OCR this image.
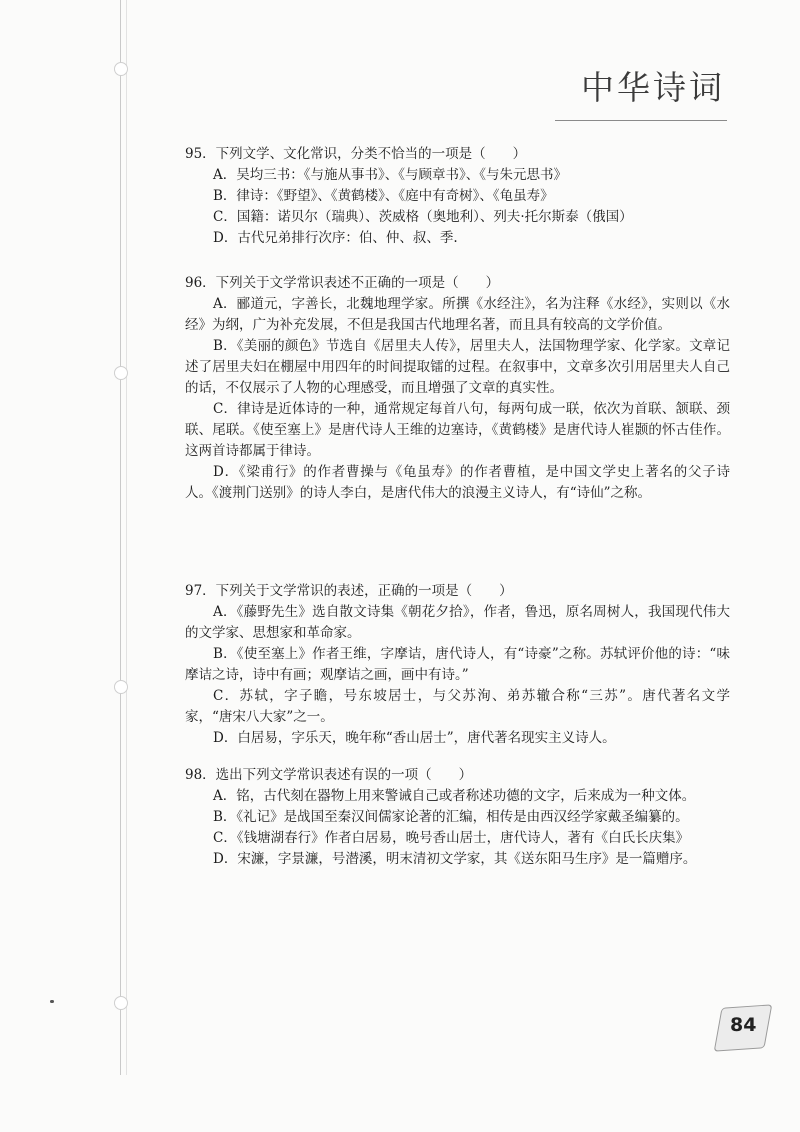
中华诗词

95．下列文学、文化常识，分类不恰当的一项是（　　）

A．吴均三书：《与施从事书》、《与顾章书》、《与朱元思书》

B．律诗：《野望》、《黄鹤楼》、《庭中有奇树》、《龟虽寿》

C．国籍：诺贝尔（瑞典）、茨威格（奥地利）、列夫·托尔斯泰（俄国）

D．古代兄弟排行次序：伯、仲、叔、季.

96．下列关于文学常识表述不正确的一项是（　　）

A．郦道元，字善长，北魏地理学家。所撰《水经注》，名为注释《水经》，实则以《水经》为纲，广为补充发展，不但是我国古代地理名著，而且具有较高的文学价值。

B．《美丽的颜色》节选自《居里夫人传》，居里夫人，法国物理学家、化学家。文章记述了居里夫妇在棚屋中用四年的时间提取镭的过程。在叙事中，文章多次引用居里夫人自己的话，不仅展示了人物的心理感受，而且增强了文章的真实性。

C．律诗是近体诗的一种，通常规定每首八句，每两句成一联，依次为首联、颔联、颈联、尾联。《使至塞上》是唐代诗人王维的边塞诗，《黄鹤楼》是唐代诗人崔颢的怀古佳作。这两首诗都属于律诗。

D．《梁甫行》的作者曹操与《龟虽寿》的作者曹植，是中国文学史上著名的父子诗人。《渡荆门送别》的诗人李白，是唐代伟大的浪漫主义诗人，有“诗仙”之称。

97．下列关于文学常识的表述，正确的一项是（　　）

A．《藤野先生》选自散文诗集《朝花夕拾》，作者，鲁迅，原名周树人，我国现代伟大的文学家、思想家和革命家。

B．《使至塞上》作者王维，字摩诘，唐代诗人，有“诗豪”之称。苏轼评价他的诗：“味摩诘之诗，诗中有画；观摩诘之画，画中有诗。”

C．苏轼，字子瞻，号东坡居士，与父苏洵、弟苏辙合称“三苏”。唐代著名文学家，“唐宋八大家”之一。

D．白居易，字乐天，晚年称“香山居士”，唐代著名现实主义诗人。

98．选出下列文学常识表述有误的一项（　　）

A．铭，古代刻在器物上用来警诫自己或者称述功德的文字，后来成为一种文体。

B．《礼记》是战国至秦汉间儒家论著的汇编，相传是由西汉经学家戴圣编纂的。

C．《钱塘湖春行》作者白居易，晚号香山居士，唐代诗人，著有《白氏长庆集》

D．宋濂，字景濂，号潜溪，明末清初文学家，其《送东阳马生序》是一篇赠序。

84
